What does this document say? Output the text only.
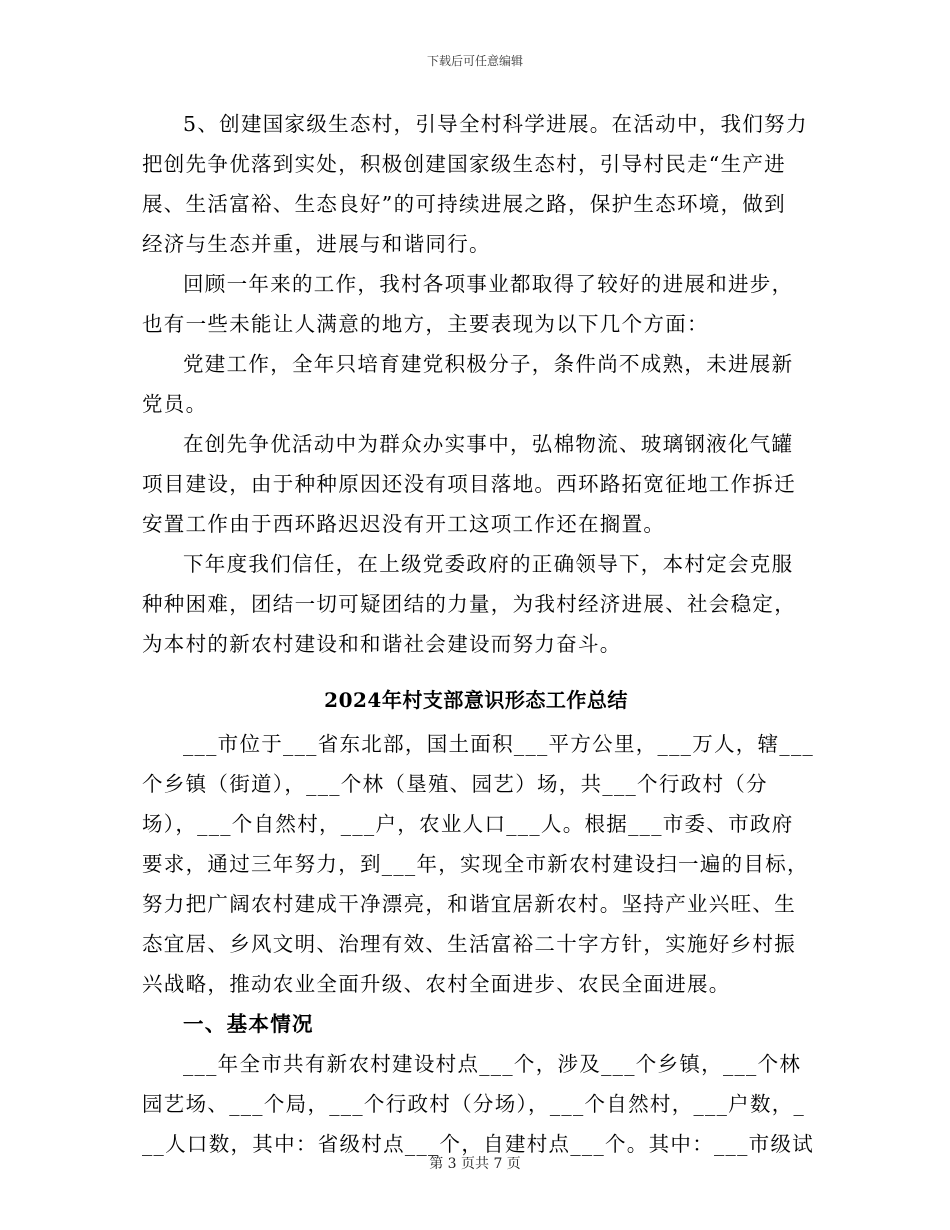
下载后可任意编辑
5、创建国家级生态村，引导全村科学进展。在活动中，我们努力
把创先争优落到实处，积极创建国家级生态村，引导村民走“生产进
展、生活富裕、生态良好”的可持续进展之路，保护生态环境，做到
经济与生态并重，进展与和谐同行。
回顾一年来的工作，我村各项事业都取得了较好的进展和进步，
也有一些未能让人满意的地方，主要表现为以下几个方面：
党建工作，全年只培育建党积极分子，条件尚不成熟，未进展新
党员。
在创先争优活动中为群众办实事中，弘棉物流、玻璃钢液化气罐
项目建设，由于种种原因还没有项目落地。西环路拓宽征地工作拆迁
安置工作由于西环路迟迟没有开工这项工作还在搁置。
下年度我们信任，在上级党委政府的正确领导下，本村定会克服
种种困难，团结一切可疑团结的力量，为我村经济进展、社会稳定，
为本村的新农村建设和和谐社会建设而努力奋斗。
2024年村支部意识形态工作总结
___市位于___省东北部，国土面积___平方公里，___万人，辖___
个乡镇（街道），___个林（垦殖、园艺）场，共___个行政村（分
场），___个自然村，___户，农业人口___人。根据___市委、市政府
要求，通过三年努力，到___年，实现全市新农村建设扫一遍的目标，
努力把广阔农村建成干净漂亮，和谐宜居新农村。坚持产业兴旺、生
态宜居、乡风文明、治理有效、生活富裕二十字方针，实施好乡村振
兴战略，推动农业全面升级、农村全面进步、农民全面进展。
一、基本情况
___年全市共有新农村建设村点___个，涉及___个乡镇，___个林
园艺场、___个局，___个行政村（分场），___个自然村，___户数，_
__人口数，其中：省级村点___个，自建村点___个。其中：___市级试
第 3 页共 7 页
